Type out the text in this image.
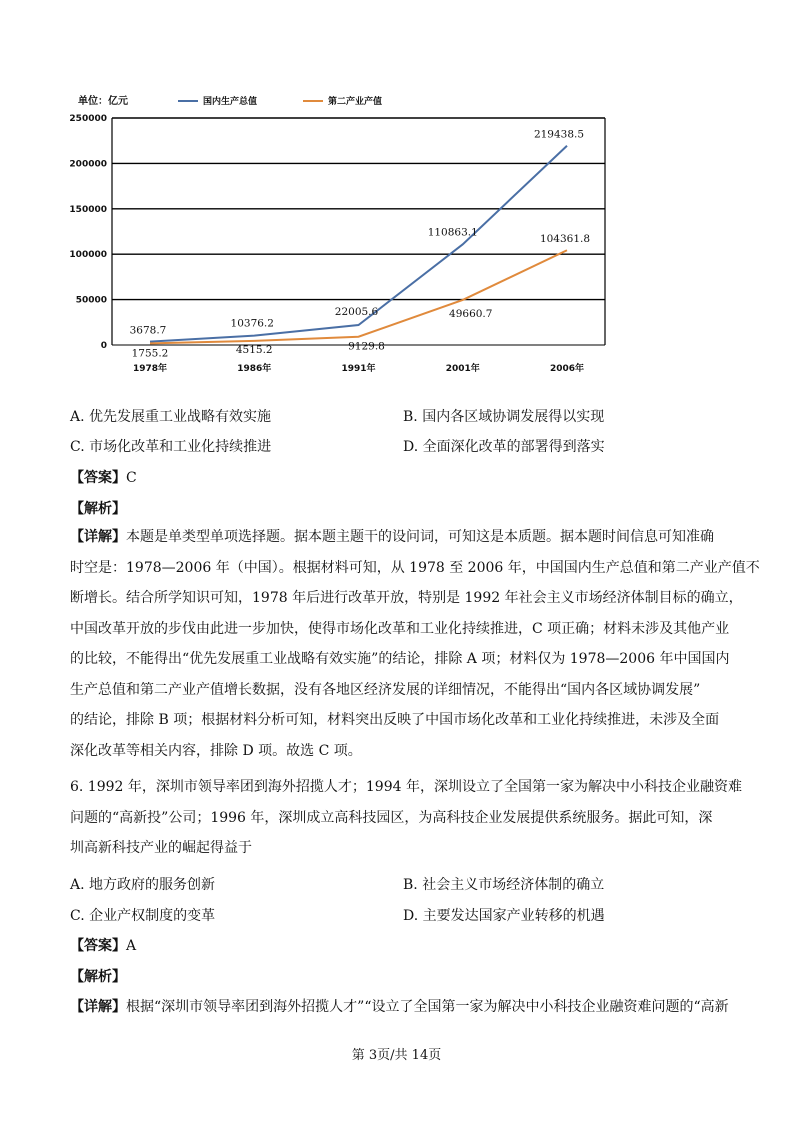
250000
200000
150000
100000
50000
0
1978年	1986年	1991年	2001年	2006年
单位：亿元	国内生产总值	第二产业产值
3678.7
10376.2
22005.6
110863.1
219438.5
1755.2	4515.2	9129.8
49660.7
104361.8
A. 优先发展重工业战略有效实施	B. 国内各区域协调发展得以实现
C. 市场化改革和工业化持续推进	D. 全面深化改革的部署得到落实
【答案】C
【解析】
【详解】本题是单类型单项选择题。据本题主题干的设问词，可知这是本质题。据本题时间信息可知准确
时空是：1978—2006 年（中国）。根据材料可知，从 1978 至 2006 年，中国国内生产总值和第二产业产值不
断增长。结合所学知识可知，1978 年后进行改革开放，特别是 1992 年社会主义市场经济体制目标的确立，
中国改革开放的步伐由此进一步加快，使得市场化改革和工业化持续推进，C 项正确；材料未涉及其他产业
的比较，不能得出“优先发展重工业战略有效实施”的结论，排除 A 项；材料仅为 1978—2006 年中国国内
生产总值和第二产业产值增长数据，没有各地区经济发展的详细情况，不能得出“国内各区域协调发展”
的结论，排除 B 项；根据材料分析可知，材料突出反映了中国市场化改革和工业化持续推进，未涉及全面
深化改革等相关内容，排除 D 项。故选 C 项。
6. 1992 年，深圳市领导率团到海外招揽人才；1994 年，深圳设立了全国第一家为解决中小科技企业融资难
问题的“高新投”公司；1996 年，深圳成立高科技园区，为高科技企业发展提供系统服务。据此可知，深
圳高新科技产业的崛起得益于
A. 地方政府的服务创新	B. 社会主义市场经济体制的确立
C. 企业产权制度的变革	D. 主要发达国家产业转移的机遇
【答案】A
【解析】
【详解】根据“深圳市领导率团到海外招揽人才”“设立了全国第一家为解决中小科技企业融资难问题的“高新
第 3页/共 14页
